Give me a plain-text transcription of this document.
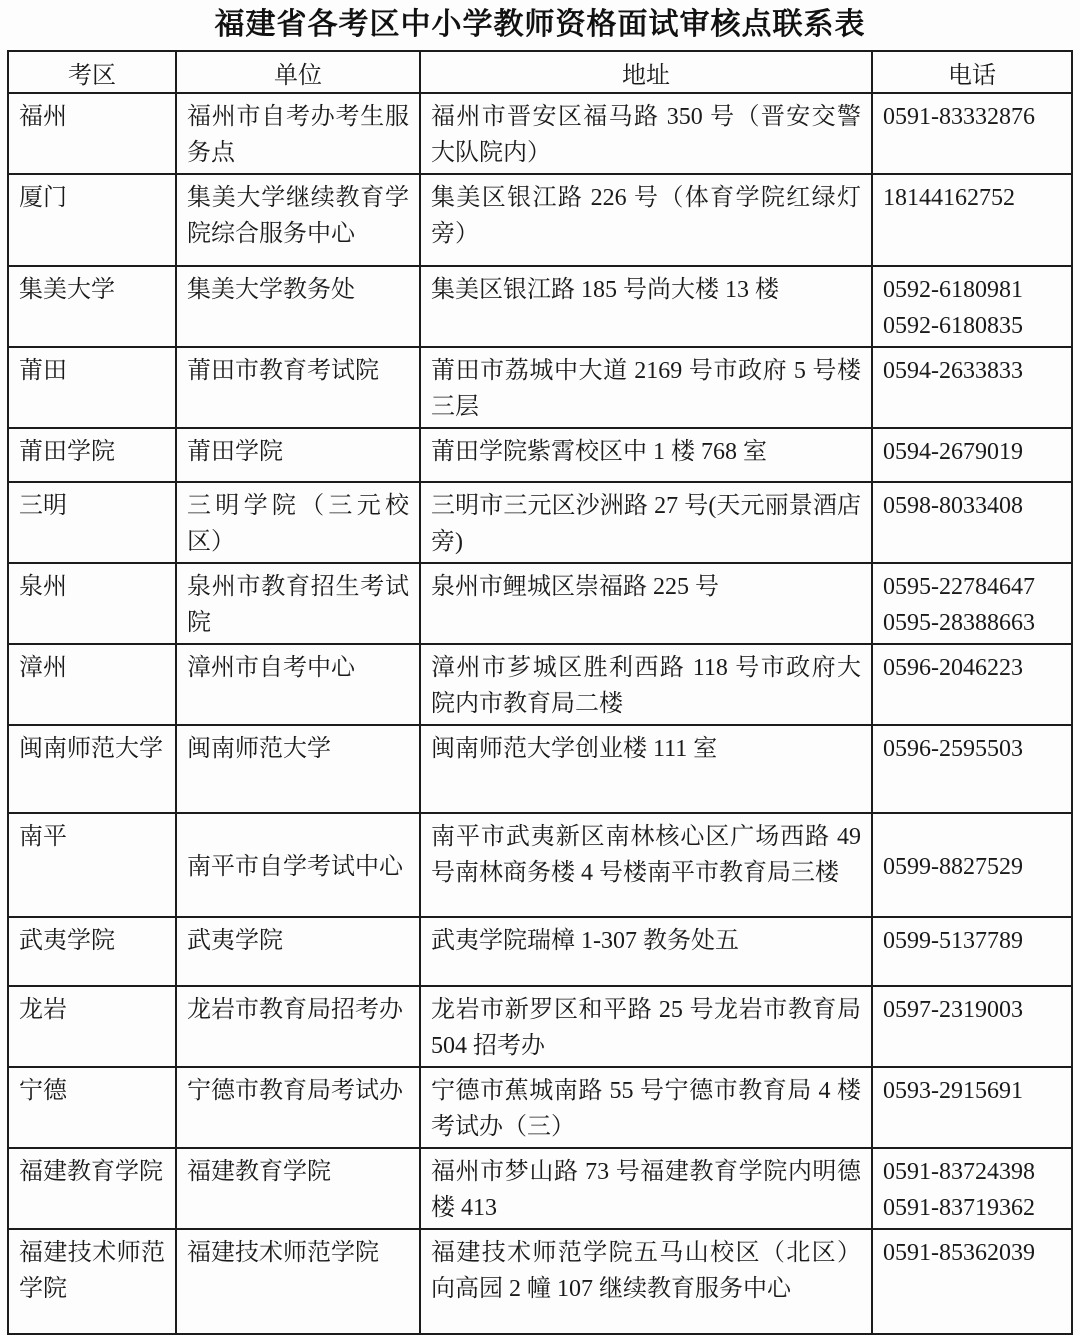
福建省各考区中小学教师资格面试审核点联系表
考区	单位	地址	电话
福州	福州市自考办考生服务点	福州市晋安区福马路 350 号（晋安交警大队院内）	0591-83332876

厦门	集美大学继续教育学院综合服务中心	集美区银江路 226 号（体育学院红绿灯旁）	18144162752

集美大学	集美大学教务处	集美区银江路 185 号尚大楼 13 楼	0592-6180981
0592-6180835

莆田	莆田市教育考试院	莆田市荔城中大道 2169 号市政府 5 号楼三层	0594-2633833

莆田学院	莆田学院	莆田学院紫霄校区中 1 楼 768 室	0594-2679019

三明	三明学院（三元校区）	三明市三元区沙洲路 27 号(天元丽景酒店旁)	0598-8033408

泉州	泉州市教育招生考试院	泉州市鲤城区崇福路 225 号	0595-22784647
0595-28388663

漳州	漳州市自考中心	漳州市芗城区胜利西路 118 号市政府大院内市教育局二楼	0596-2046223

闽南师范大学	闽南师范大学	闽南师范大学创业楼 111 室	0596-2595503

南平	南平市自学考试中心	南平市武夷新区南林核心区广场西路 49 号南林商务楼 4 号楼南平市教育局三楼	0599-8827529

武夷学院	武夷学院	武夷学院瑞樟 1-307 教务处五	0599-5137789

龙岩	龙岩市教育局招考办	龙岩市新罗区和平路 25 号龙岩市教育局 504 招考办	0597-2319003

宁德	宁德市教育局考试办	宁德市蕉城南路 55 号宁德市教育局 4 楼考试办（三）	0593-2915691

福建教育学院	福建教育学院	福州市梦山路 73 号福建教育学院内明德楼 413	0591-83724398
0591-83719362

福建技术师范学院	福建技术师范学院	福建技术师范学院五马山校区（北区）向高园 2 幢 107 继续教育服务中心	0591-85362039
